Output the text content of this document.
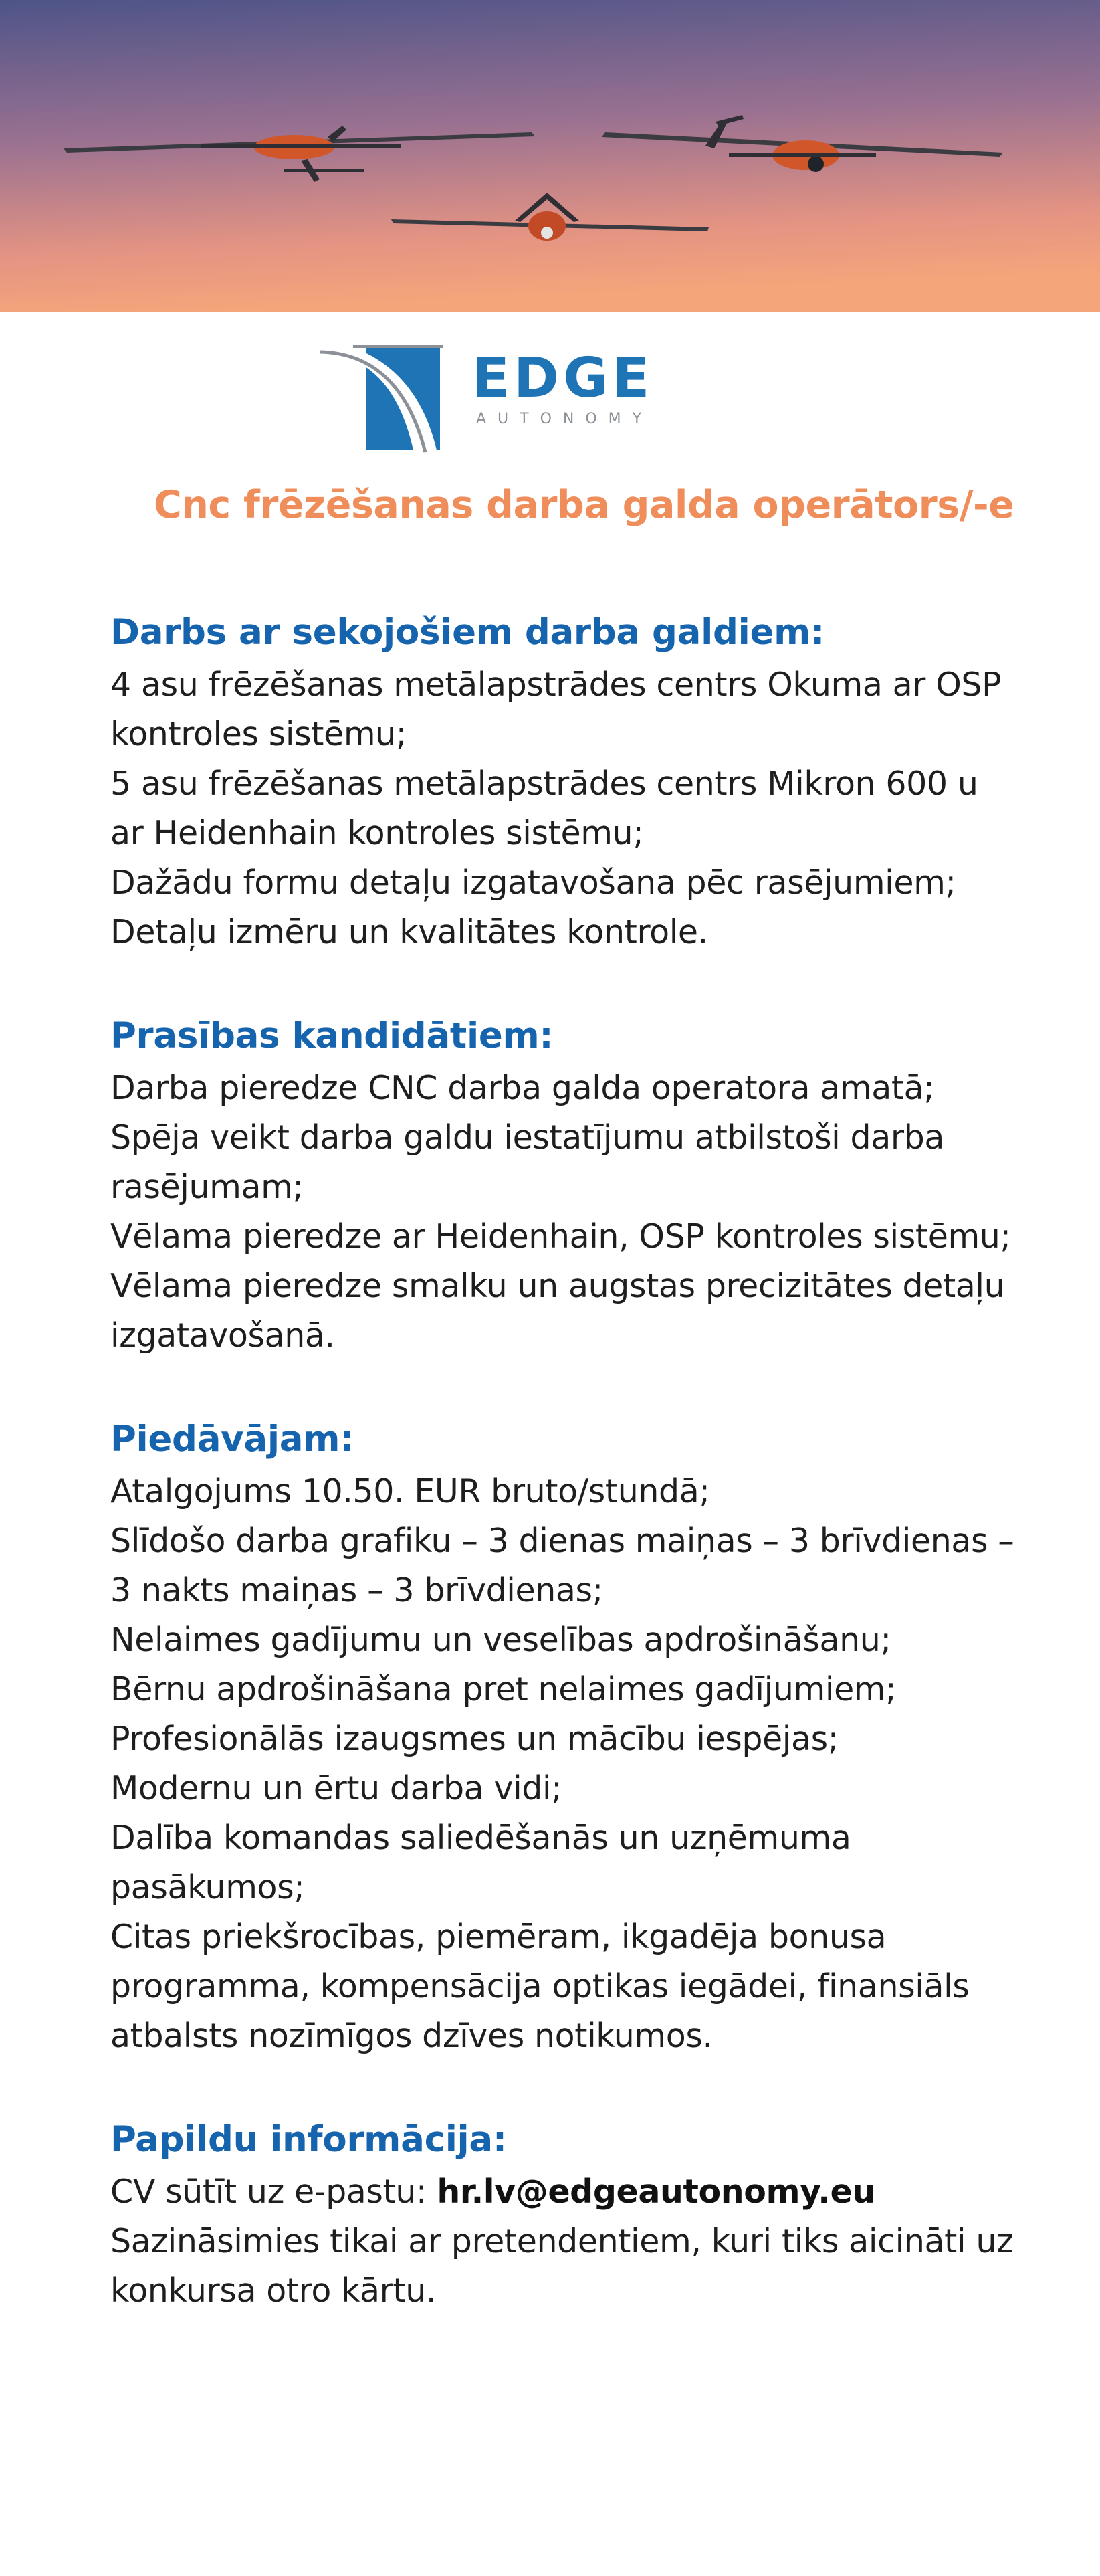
EDGE
AUTONOMY
Cnc frēzēšanas darba galda operātors/-e

Darbs ar sekojošiem darba galdiem:

4 asu frēzēšanas metālapstrādes centrs Okuma ar OSP

kontroles sistēmu;

5 asu frēzēšanas metālapstrādes centrs Mikron 600 u

ar Heidenhain kontroles sistēmu;

Dažādu formu detaļu izgatavošana pēc rasējumiem;

Detaļu izmēru un kvalitātes kontrole.

Prasības kandidātiem:

Darba pieredze CNC darba galda operatora amatā;

Spēja veikt darba galdu iestatījumu atbilstoši darba

rasējumam;

Vēlama pieredze ar Heidenhain, OSP kontroles sistēmu;

Vēlama pieredze smalku un augstas precizitātes detaļu

izgatavošanā.

Piedāvājam:

Atalgojums 10.50. EUR bruto/stundā;

Slīdošo darba grafiku – 3 dienas maiņas – 3 brīvdienas –

3 nakts maiņas – 3 brīvdienas;

Nelaimes gadījumu un veselības apdrošināšanu;

Bērnu apdrošināšana pret nelaimes gadījumiem;

Profesionālās izaugsmes un mācību iespējas;

Modernu un ērtu darba vidi;

Dalība komandas saliedēšanās un uzņēmuma

pasākumos;

Citas priekšrocības, piemēram, ikgadēja bonusa

programma, kompensācija optikas iegādei, finansiāls

atbalsts nozīmīgos dzīves notikumos.

Papildu informācija:

CV sūtīt uz e-pastu: hr.lv@edgeautonomy.eu

Sazināsimies tikai ar pretendentiem, kuri tiks aicināti uz

konkursa otro kārtu.
